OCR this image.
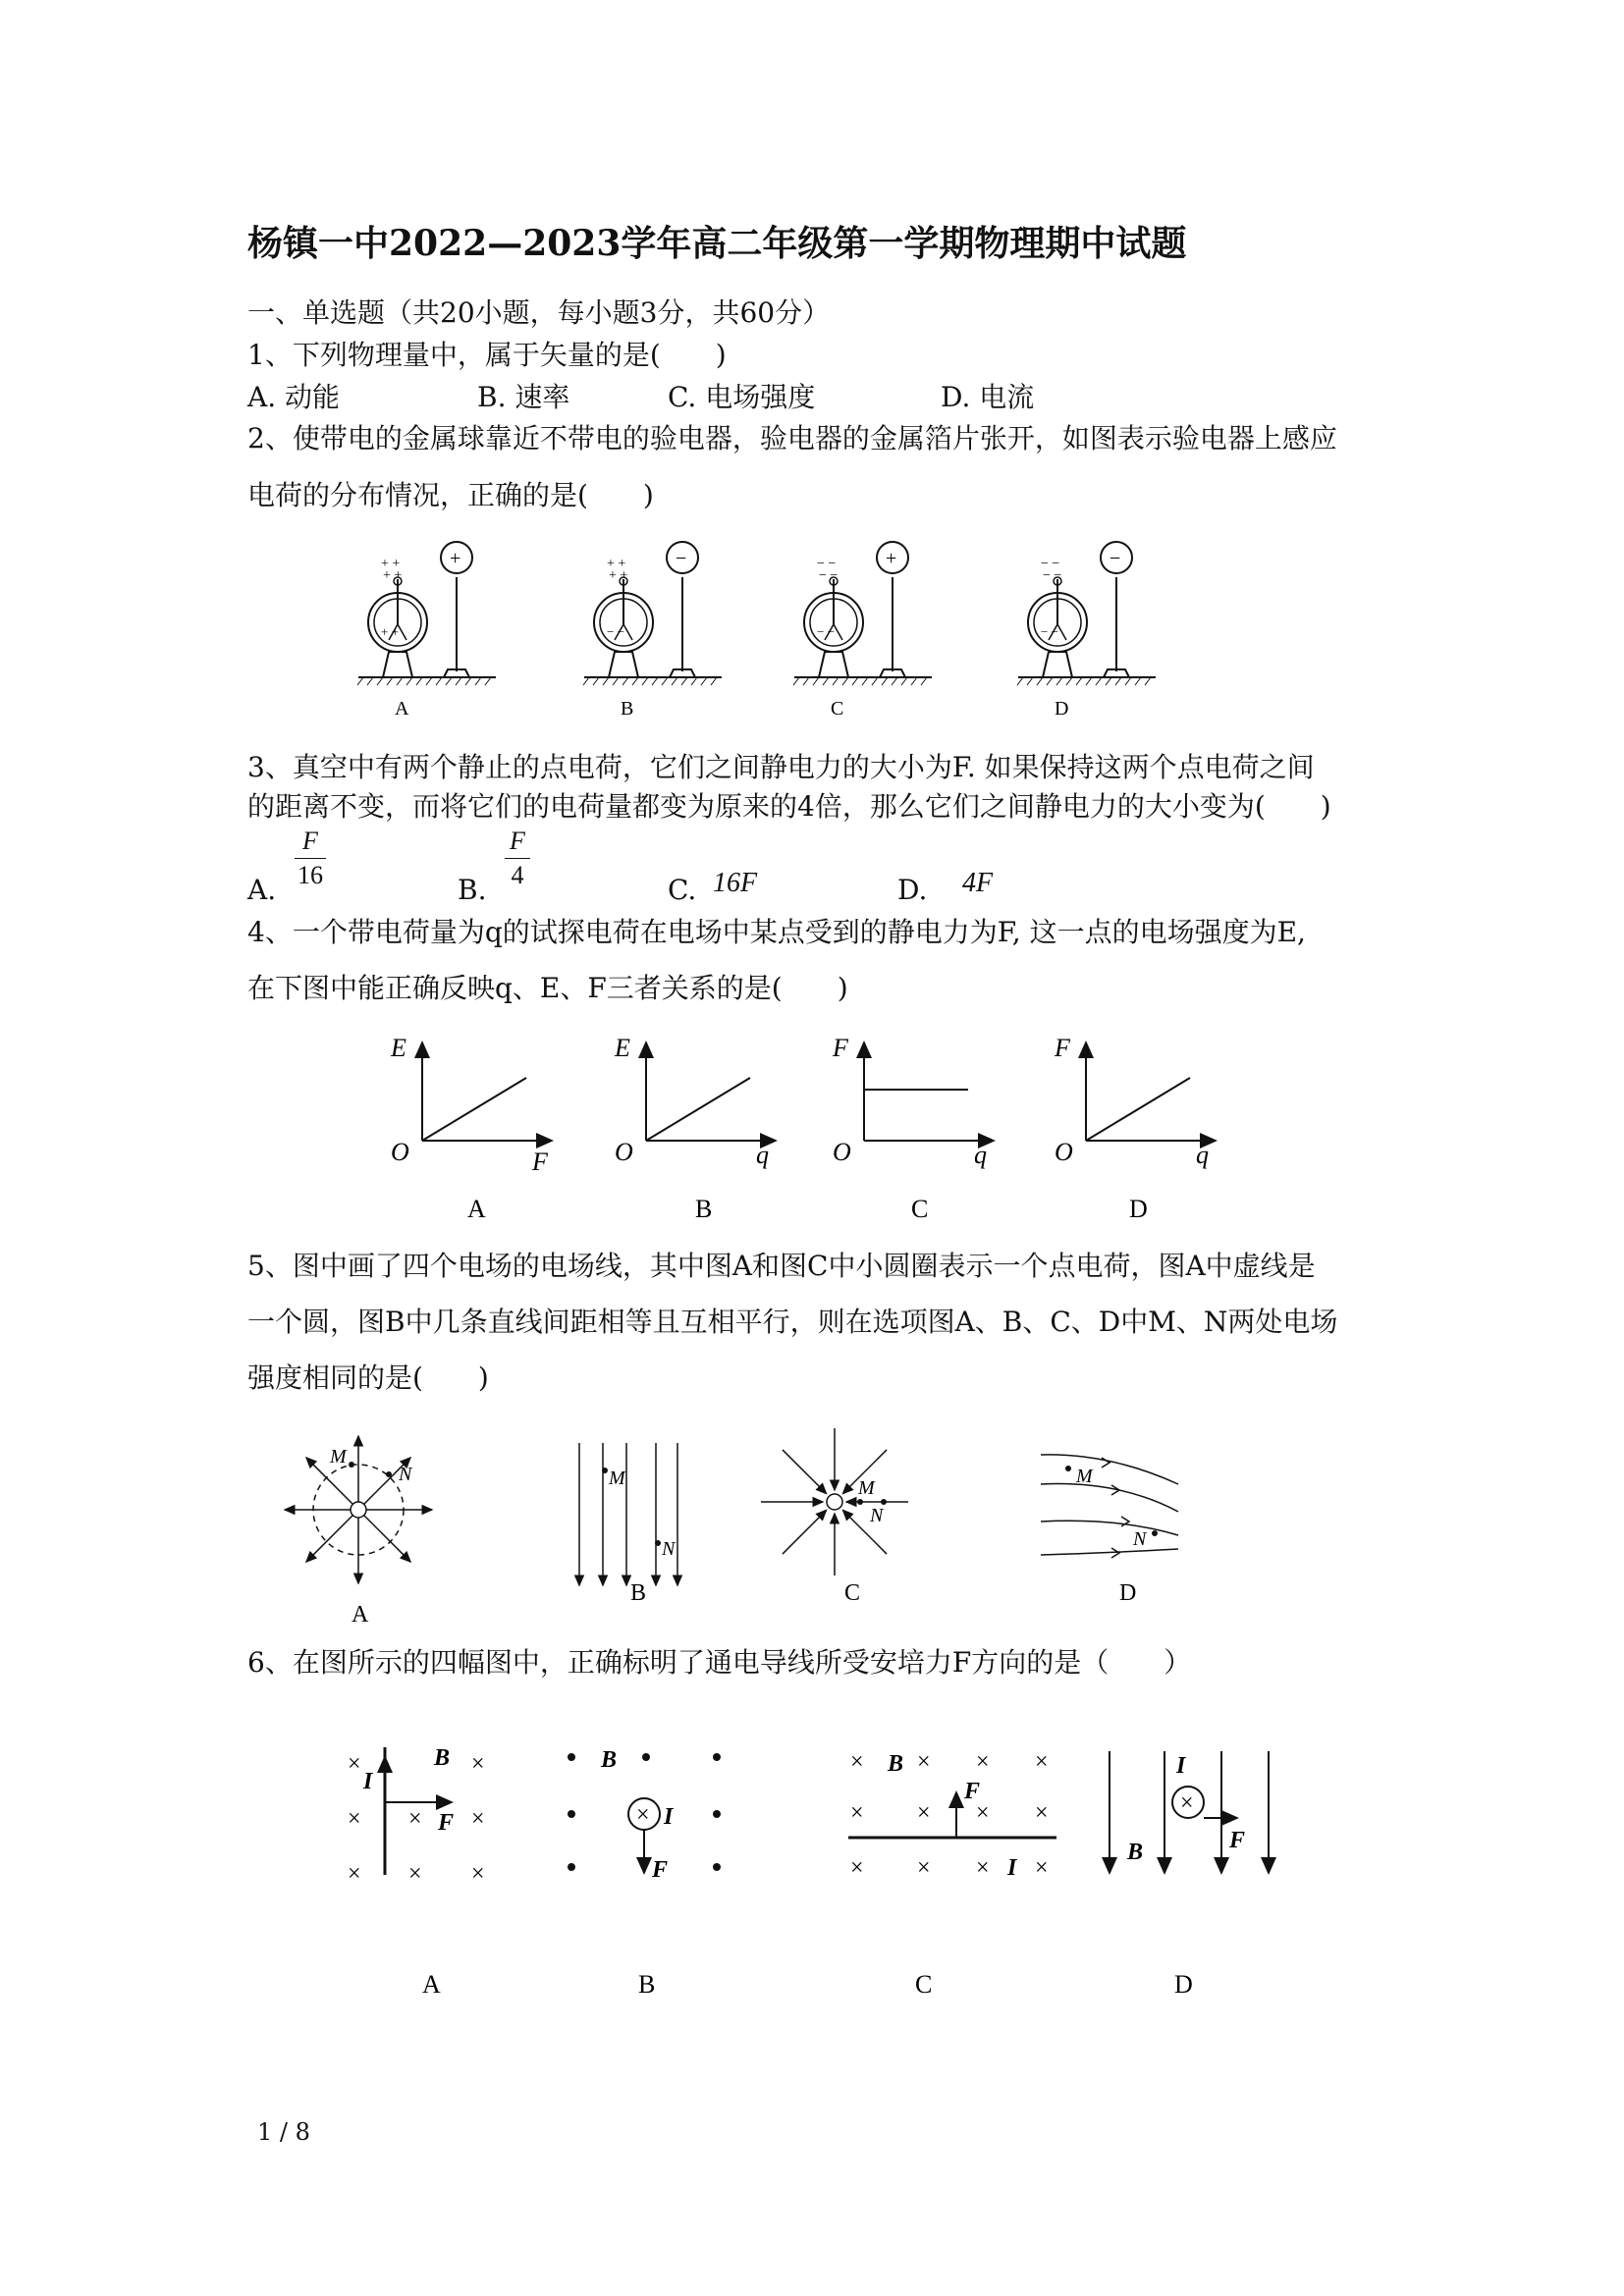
杨镇一中2022—2023学年高二年级第一学期物理期中试题
一、单选题（共20小题，每小题3分，共60分）
1、下列物理量中，属于矢量的是(　　)
A. 动能	B. 速率	C. 电场强度	D. 电流
2、使带电的金属球靠近不带电的验电器，验电器的金属箔片张开，如图表示验电器上感应
电荷的分布情况，正确的是(　　)
+
+ +
+ +
+ +
A
−
+ +
+ +
− −
B
+
− −
− −
− −
C
−
− −
− −
− −
D
3、真空中有两个静止的点电荷，它们之间静电力的大小为F. 如果保持这两个点电荷之间
的距离不变，而将它们的电荷量都变为原来的4倍，那么它们之间静电力的大小变为(　　)
A.
F
16	B.
F
4	C. 16F	D. 4F
4、一个带电荷量为q的试探电荷在电场中某点受到的静电力为F, 这一点的电场强度为E,
在下图中能正确反映q、E、F三者关系的是(　　)
E
O	F
A
E
O	q
B
F
O	q
C
F
O	q
D
5、图中画了四个电场的电场线，其中图A和图C中小圆圈表示一个点电荷，图A中虚线是
一个圆，图B中几条直线间距相等且互相平行，则在选项图A、B、C、D中M、N两处电场
强度相同的是(　　)
M
N	M
N
M
N
M
N
A
B	C	D
6、在图所示的四幅图中，正确标明了通电导线所受安培力F方向的是（　　）
×	×
× × ×
× × ×
I
B
F
B
× I
F
× × × ×
× × × ×
× × × ×
B
F
I
B
I
×
F
A	B	C	D
1 / 8
